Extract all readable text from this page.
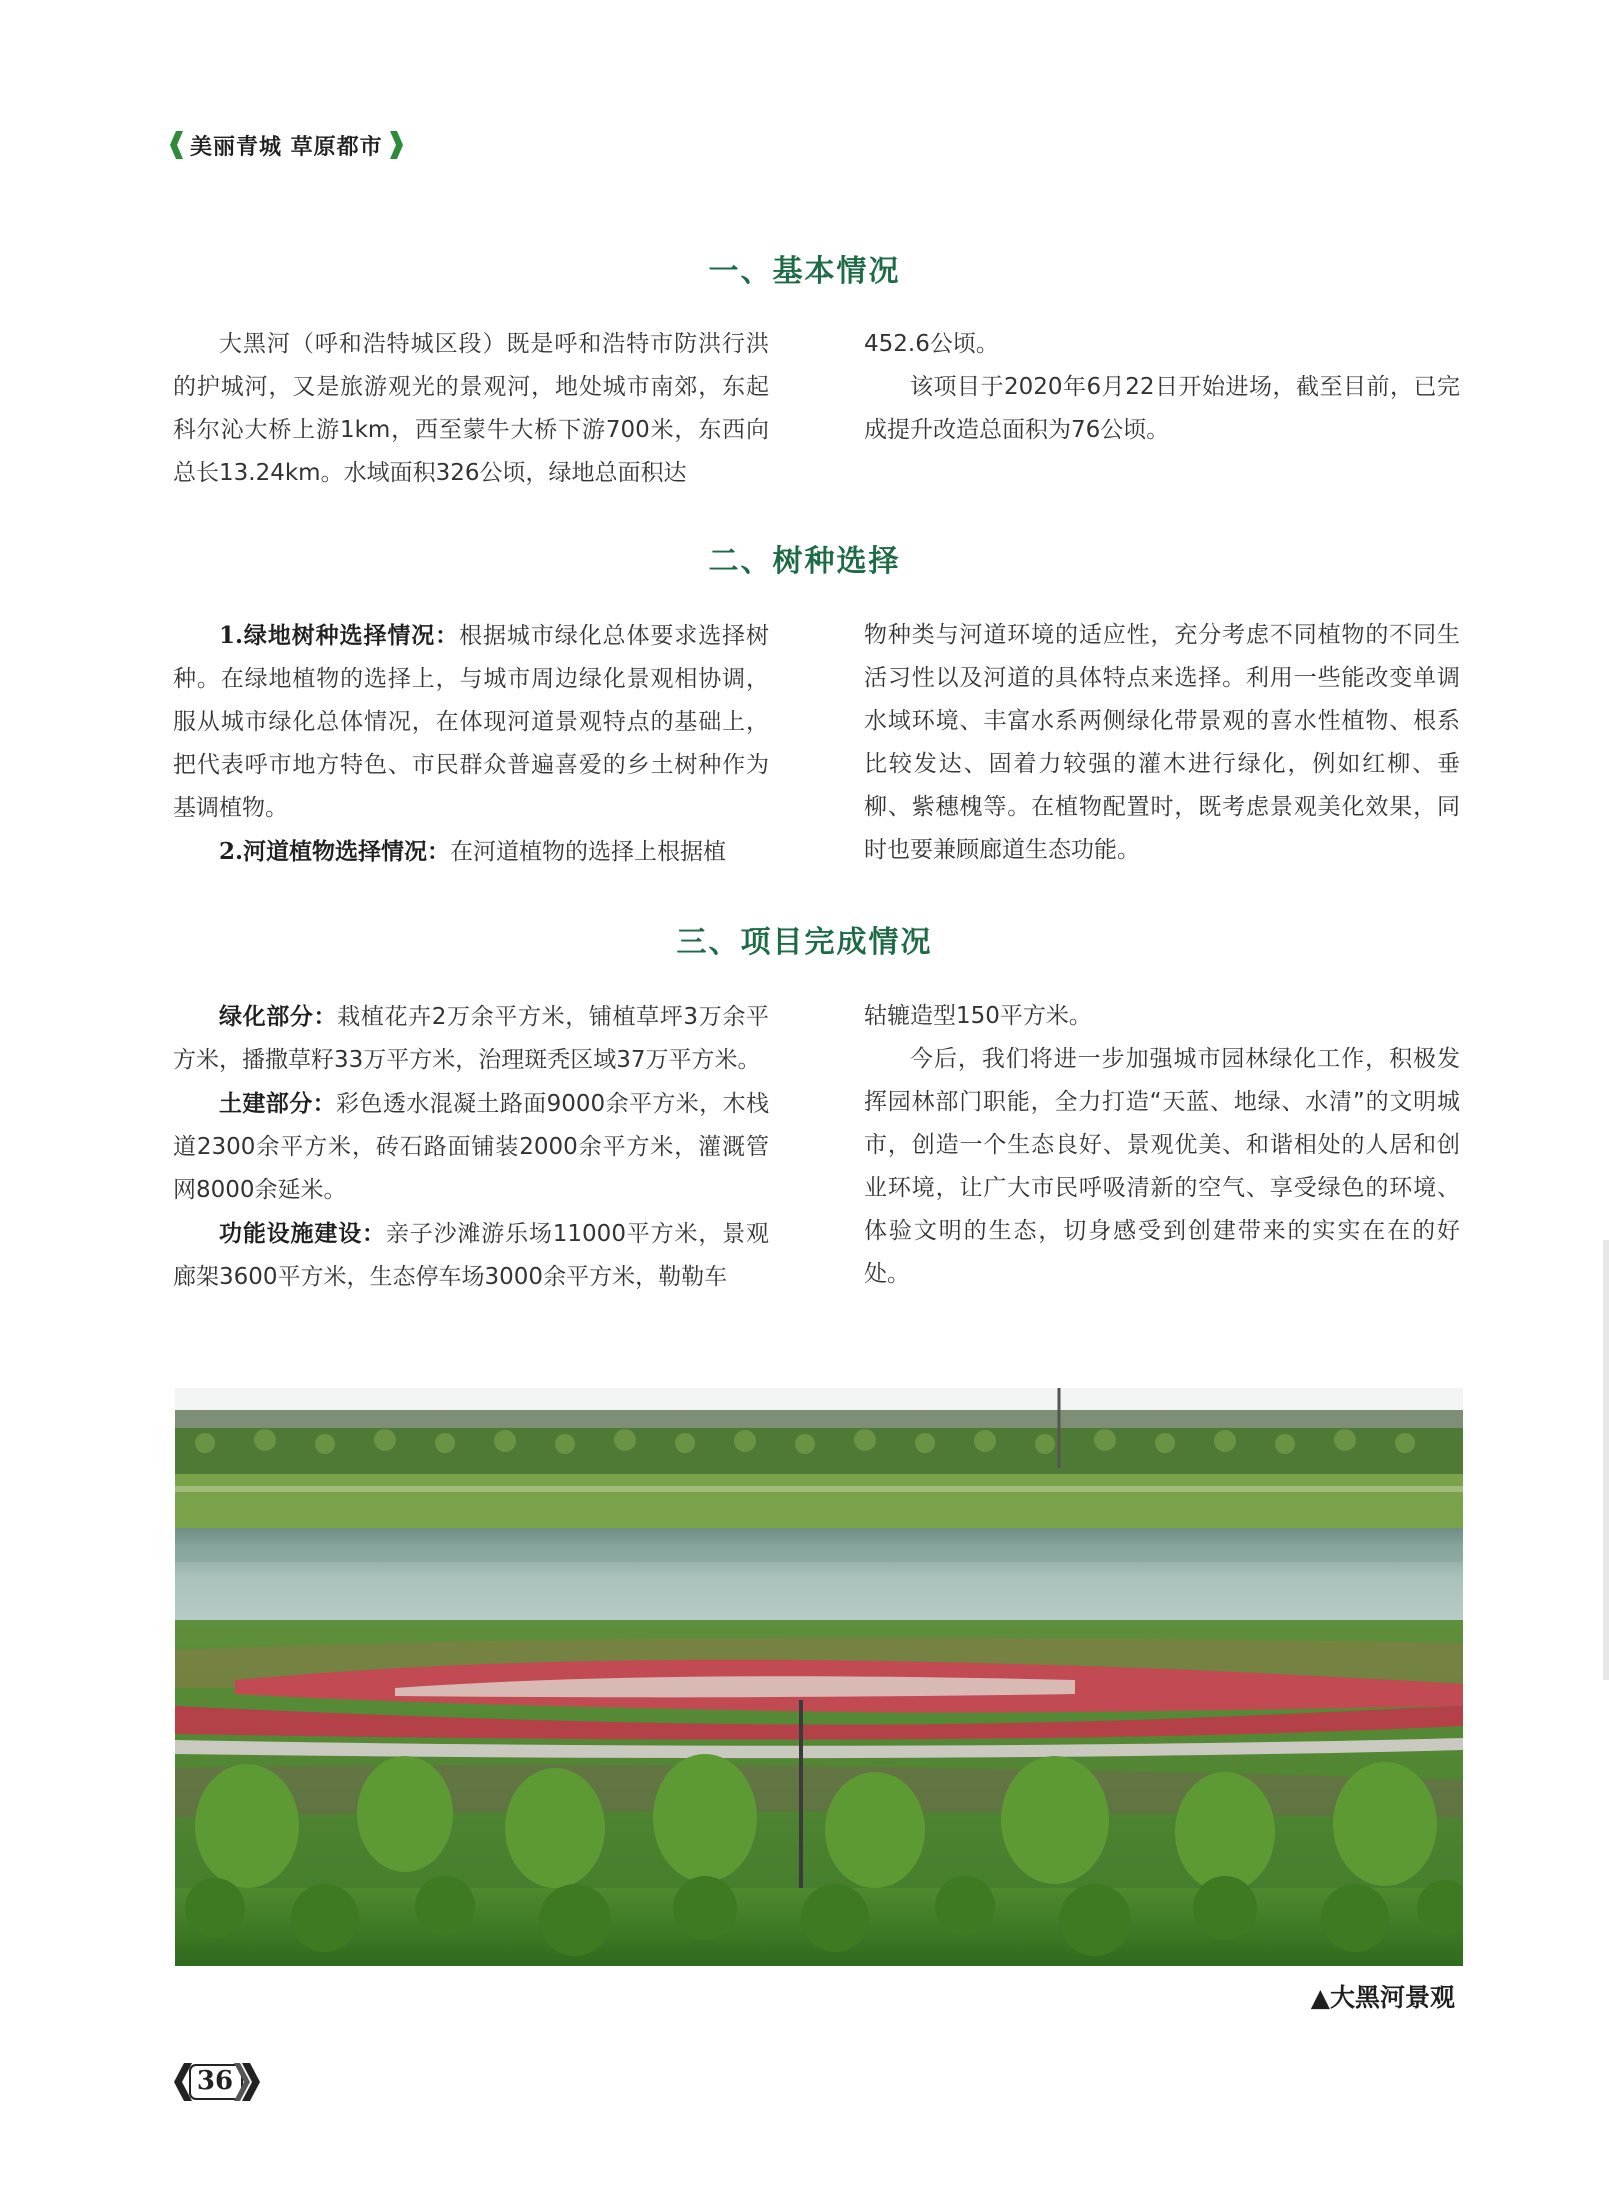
美丽青城 草原都市
一、基本情况

大黑河（呼和浩特城区段）既是呼和浩特市防洪行洪的护城河，又是旅游观光的景观河，地处城市南郊，东起科尔沁大桥上游1km，西至蒙牛大桥下游700米，东西向总长13.24km。水域面积326公顷，绿地总面积达

452.6公顷。

该项目于2020年6月22日开始进场，截至目前，已完成提升改造总面积为76公顷。

二、树种选择

1.绿地树种选择情况：根据城市绿化总体要求选择树种。在绿地植物的选择上，与城市周边绿化景观相协调，服从城市绿化总体情况，在体现河道景观特点的基础上，把代表呼市地方特色、市民群众普遍喜爱的乡土树种作为基调植物。

2.河道植物选择情况：在河道植物的选择上根据植

物种类与河道环境的适应性，充分考虑不同植物的不同生活习性以及河道的具体特点来选择。利用一些能改变单调水域环境、丰富水系两侧绿化带景观的喜水性植物、根系比较发达、固着力较强的灌木进行绿化，例如红柳、垂柳、紫穗槐等。在植物配置时，既考虑景观美化效果，同时也要兼顾廊道生态功能。

三、项目完成情况

绿化部分：栽植花卉2万余平方米，铺植草坪3万余平方米，播撒草籽33万平方米，治理斑秃区域37万平方米。

土建部分：彩色透水混凝土路面9000余平方米，木栈道2300余平方米，砖石路面铺装2000余平方米，灌溉管网8000余延米。

功能设施建设：亲子沙滩游乐场11000平方米，景观廊架3600平方米，生态停车场3000余平方米，勒勒车

轱辘造型150平方米。

今后，我们将进一步加强城市园林绿化工作，积极发挥园林部门职能，全力打造“天蓝、地绿、水清”的文明城市，创造一个生态良好、景观优美、和谐相处的人居和创业环境，让广大市民呼吸清新的空气、享受绿色的环境、体验文明的生态，切身感受到创建带来的实实在在的好处。

▲大黑河景观
36
